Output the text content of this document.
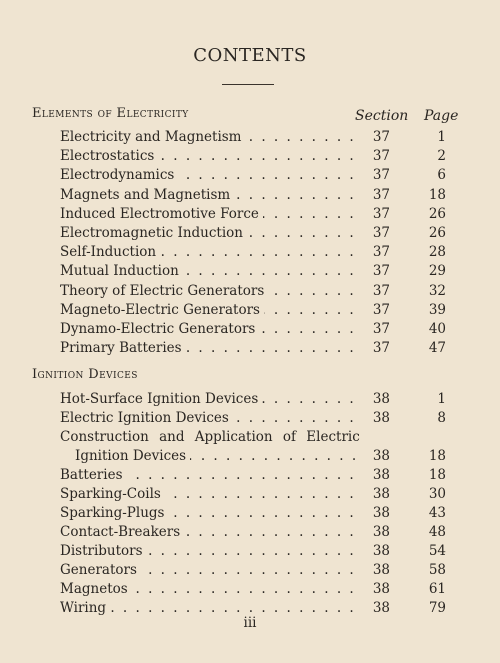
CONTENTS
Elements of Electricity	Section Page
Electricity and Magnetism . . .	37	1
Electrostatics . . .	37	2
Electrodynamics . . .	37	6
Magnets and Magnetism . . .	37	18
Induced Electromotive Force . . .	37	26
Electromagnetic Induction . . .	37	26
Self-Induction . . .	37	28
Mutual Induction . . .	37	29
Theory of Electric Generators . . .	37	32
Magneto-Electric Generators . . .	37	39
Dynamo-Electric Generators . . .	37	40
Primary Batteries . . .	37	47
Ignition Devices
Hot-Surface Ignition Devices . . .	38	1
Electric Ignition Devices . . .	38	8
Construction and Application of Electric
Ignition Devices . . .	38	18
Batteries . . .	38	18
Sparking-Coils . . .	38	30
Sparking-Plugs . . .	38	43
Contact-Breakers . . .	38	48
Distributors . . .	38	54
Generators . . .	38	58
Magnetos . . .	38	61
Wiring . . .	38	79
iii
